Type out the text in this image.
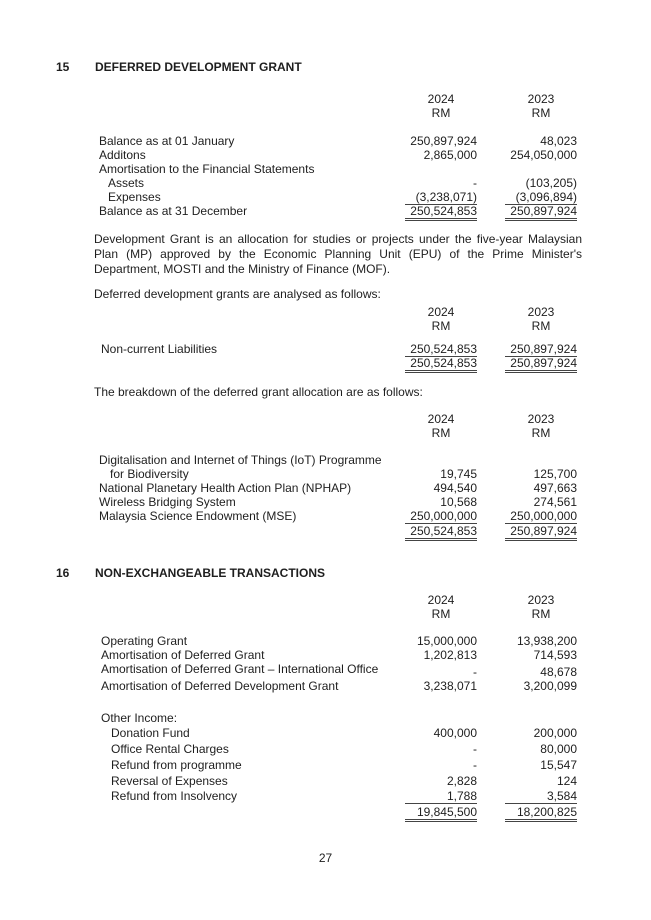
15 DEFERRED DEVELOPMENT GRANT
2024	2023
RM	RM
Balance as at 01 January	250,897,924	48,023
Additons	2,865,000	254,050,000
Amortisation to the Financial Statements
Assets	-	(103,205)
Expenses	(3,238,071)	(3,096,894)
Balance as at 31 December	250,524,853	250,897,924
Development Grant is an allocation for studies or projects under the five-year Malaysian Plan (MP) approved by the Economic Planning Unit (EPU) of the Prime Minister's Department, MOSTI and the Ministry of Finance (MOF).
Deferred development grants are analysed as follows:
2024	2023
RM	RM
Non-current Liabilities	250,524,853	250,897,924
250,524,853	250,897,924
The breakdown of the deferred grant allocation are as follows:
2024	2023
RM	RM
Digitalisation and Internet of Things (IoT) Programme
for Biodiversity	19,745	125,700
National Planetary Health Action Plan (NPHAP)	494,540	497,663
Wireless Bridging System	10,568	274,561
Malaysia Science Endowment (MSE)	250,000,000	250,000,000
250,524,853	250,897,924
16 NON-EXCHANGEABLE TRANSACTIONS
2024	2023
RM	RM
Operating Grant	15,000,000	13,938,200
Amortisation of Deferred Grant	1,202,813	714,593
Amortisation of Deferred Grant – International Office	-	48,678
Amortisation of Deferred Development Grant	3,238,071	3,200,099
Other Income:
Donation Fund	400,000	200,000
Office Rental Charges	-	80,000
Refund from programme	-	15,547
Reversal of Expenses	2,828	124
Refund from Insolvency	1,788	3,584
19,845,500	18,200,825
27
